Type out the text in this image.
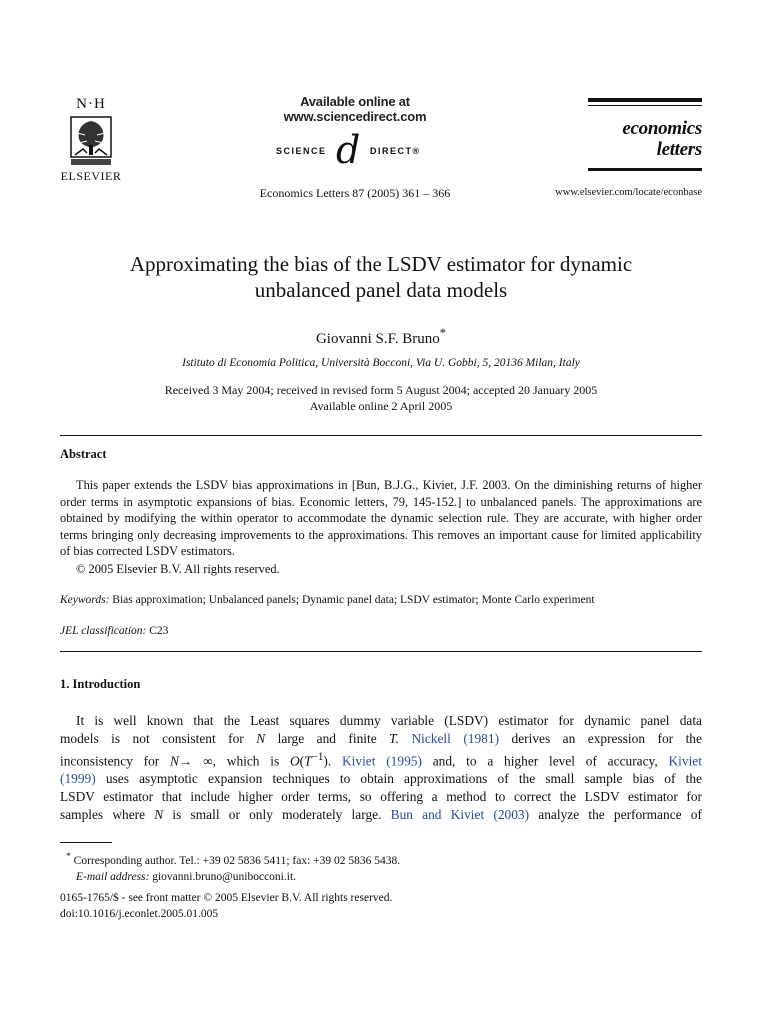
N·H
ELSEVIER
Available online at www.sciencedirect.com
SCIENCE d DIRECT®
Economics Letters 87 (2005) 361 – 366
economics
letters
www.elsevier.com/locate/econbase
Approximating the bias of the LSDV estimator for dynamic
unbalanced panel data models
Giovanni S.F. Bruno*
Istituto di Economia Politica, Università Bocconi, Via U. Gobbi, 5, 20136 Milan, Italy
Received 3 May 2004; received in revised form 5 August 2004; accepted 20 January 2005
Available online 2 April 2005
Abstract
This paper extends the LSDV bias approximations in [Bun, B.J.G., Kiviet, J.F. 2003. On the diminishing returns of higher order terms in asymptotic expansions of bias. Economic letters, 79, 145-152.] to unbalanced panels. The approximations are obtained by modifying the within operator to accommodate the dynamic selection rule. They are accurate, with higher order terms bringing only decreasing improvements to the approximations. This removes an important cause for limited applicability of bias corrected LSDV estimators.
© 2005 Elsevier B.V. All rights reserved.
Keywords: Bias approximation; Unbalanced panels; Dynamic panel data; LSDV estimator; Monte Carlo experiment
JEL classification: C23
1. Introduction
It is well known that the Least squares dummy variable (LSDV) estimator for dynamic panel data
models is not consistent for N large and finite T. Nickell (1981) derives an expression for the
inconsistency for N→ ∞, which is $O(T^{-1})$. Kiviet (1995) and, to a higher level of accuracy, Kiviet
(1999) uses asymptotic expansion techniques to obtain approximations of the small sample bias of the
LSDV estimator that include higher order terms, so offering a method to correct the LSDV estimator for
samples where N is small or only moderately large. Bun and Kiviet (2003) analyze the performance of
* Corresponding author. Tel.: +39 02 5836 5411; fax: +39 02 5836 5438.
E-mail address: giovanni.bruno@unibocconi.it.
0165-1765/$ - see front matter © 2005 Elsevier B.V. All rights reserved.
doi:10.1016/j.econlet.2005.01.005
